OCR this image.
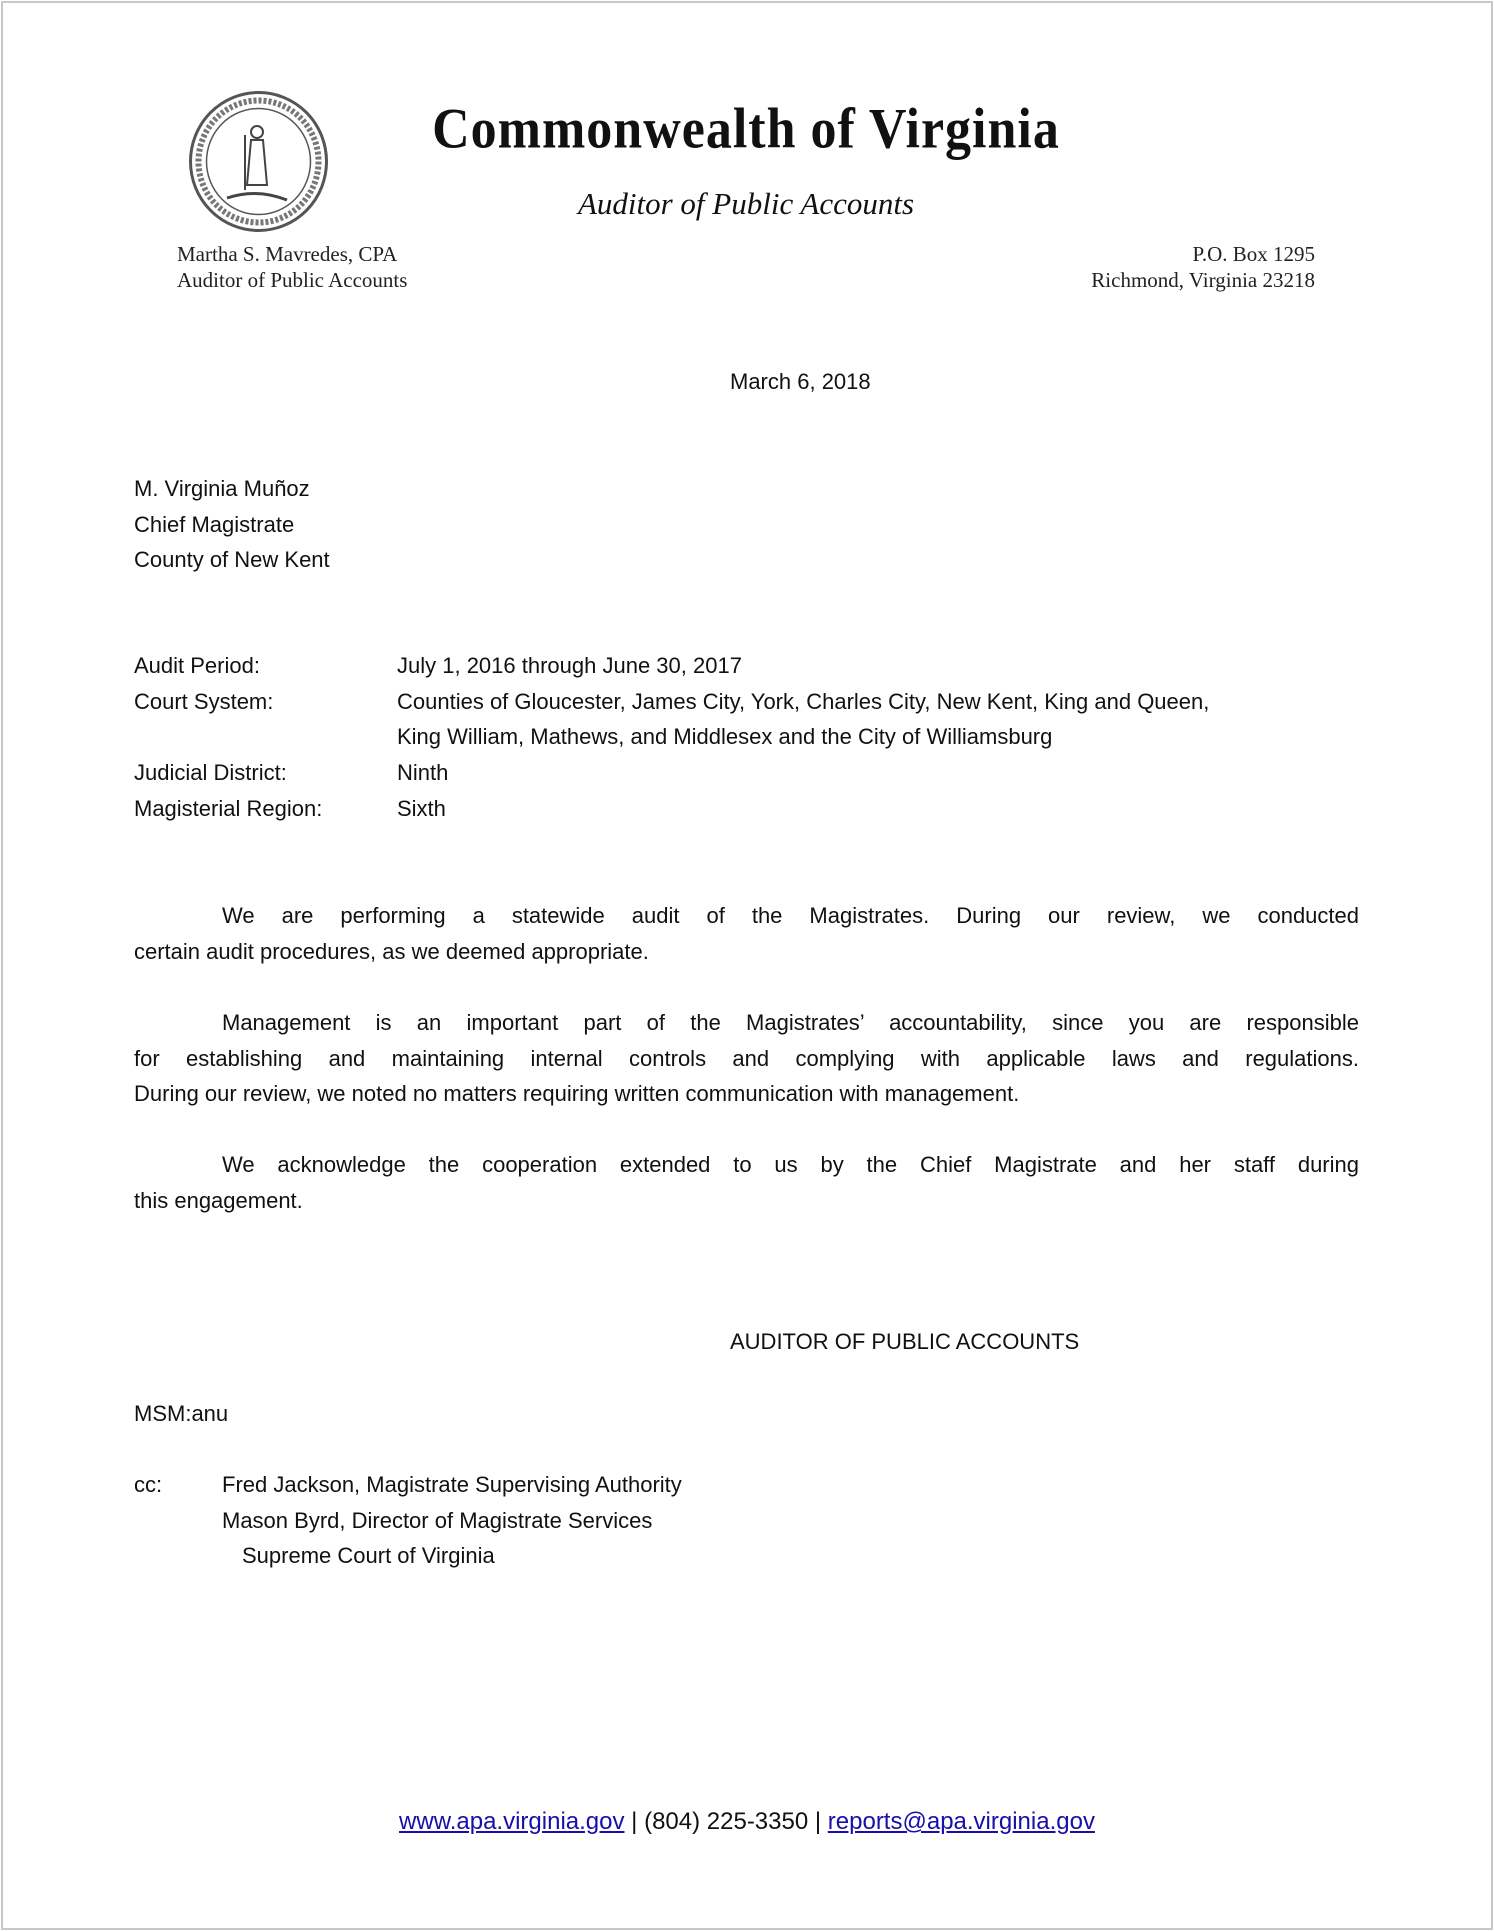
Commonwealth of Virginia
Auditor of Public Accounts
Martha S. Mavredes, CPA
Auditor of Public Accounts
P.O. Box 1295
Richmond, Virginia 23218
March 6, 2018
M. Virginia Muñoz
Chief Magistrate
County of New Kent
Audit Period:	July 1, 2016 through June 30, 2017
Court System:	Counties of Gloucester, James City, York, Charles City, New Kent, King and Queen,
King William, Mathews, and Middlesex and the City of Williamsburg
Judicial District:	Ninth
Magisterial Region:	Sixth
We are performing a statewide audit of the Magistrates. During our review, we conducted
certain audit procedures, as we deemed appropriate.
Management is an important part of the Magistrates’ accountability, since you are responsible
for establishing and maintaining internal controls and complying with applicable laws and regulations.
During our review, we noted no matters requiring written communication with management.
We acknowledge the cooperation extended to us by the Chief Magistrate and her staff during
this engagement.
AUDITOR OF PUBLIC ACCOUNTS
MSM:anu
cc:	Fred Jackson, Magistrate Supervising Authority
Mason Byrd, Director of Magistrate Services
Supreme Court of Virginia
www.apa.virginia.gov | (804) 225-3350 | reports@apa.virginia.gov
